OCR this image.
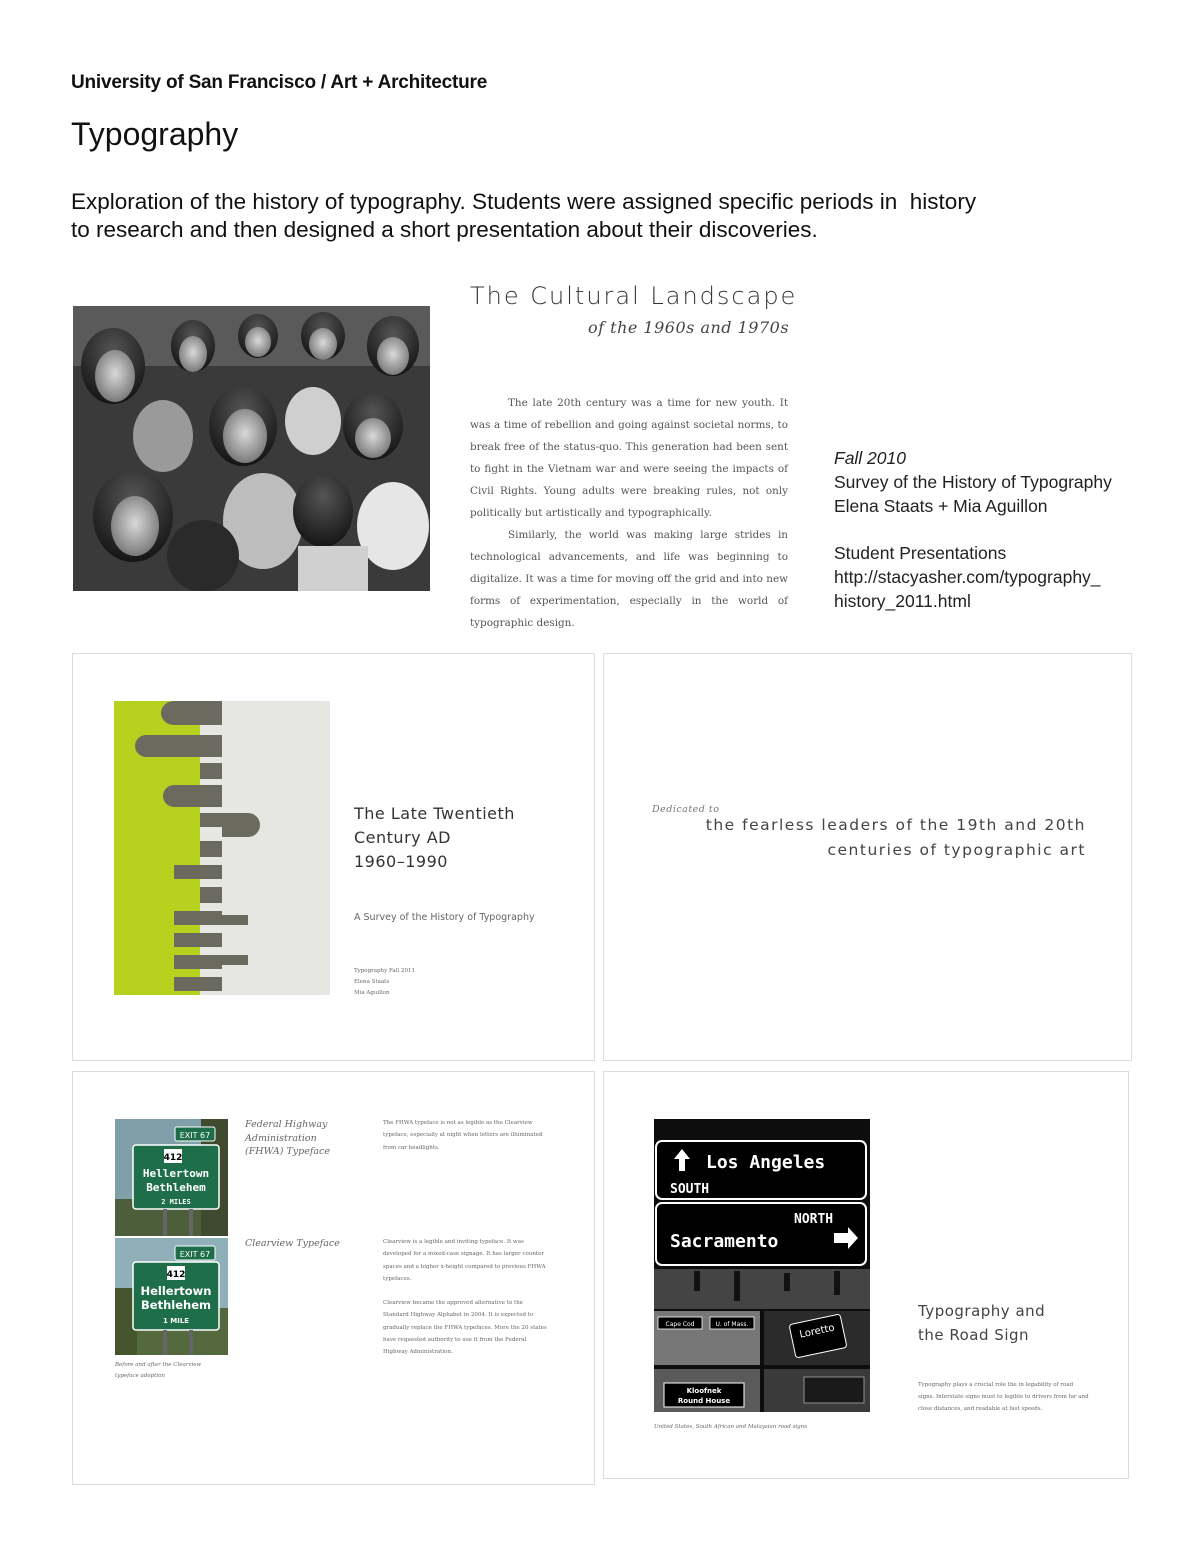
University of San Francisco / Art + Architecture
Typography
Exploration of the history of typography. Students were assigned specific periods in  history
to research and then designed a short presentation about their discoveries.
The Cultural Landscape
of the 1960s and 1970s

The late 20th century was a time for new youth. It was a time of rebellion and going against societal norms, to break free of the status-quo. This generation had been sent to fight in the Vietnam war and were seeing the impacts of Civil Rights. Young adults were breaking rules, not only politically but artistically and typographically.

Similarly, the world was making large strides in technological advancements, and life was beginning to digitalize. It was a time for moving off the grid and into new forms of experimentation, especially in the world of typographic design.

Fall 2010
Survey of the History of Typography
Elena Staats + Mia Aguillon
Student Presentations
http://stacyasher.com/typography_
history_2011.html
The Late Twentieth
Century AD
1960–1990
A Survey of the History of Typography
Typography Fall 2011
Elena Staats
Mia Aguillon
Dedicated to
the fearless leaders of the 19th and 20th
centuries of typographic art
EXIT 67
412
Hellertown
Bethlehem
2 MILES
EXIT 67
412
Hellertown
Bethlehem
1 MILE
Before and after the Clearview typeface adoption
Federal Highway Administration (FHWA) Typeface
The FHWA typeface is not as legible as the Clearview typeface, especially at night when letters are illuminated from car headlights.
Clearview Typeface	Clearview is a legible and inviting typeface. It was developed for a mixed-case signage. It has larger counter spaces and a higher x-height compared to previous FHWA typefaces.
Clearview became the approved alternative to the Standard Highway Alphabet in 2004. It is expected to gradually replace the FHWA typefaces. More the 20 states have requested authority to use it from the Federal Highway Administration.
Los Angeles
SOUTH
NORTH
Sacramento
Cape Cod	U. of Mass.	Loretto
Kloofnek
Round House
United States, South African and Malaysian road signs
Typography and
the Road Sign
Typography plays a crucial role the in legability of road signs. Interstate signs must to legible to drivers from far and close distances, and readable at fast speeds.
